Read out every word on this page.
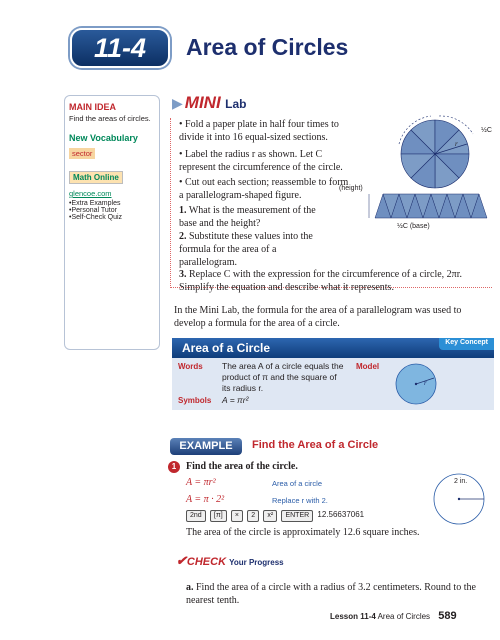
11-4	Area of Circles
MAIN IDEA
Find the areas of circles.
New Vocabulary
sector
Math Online
glencoe.com
• Extra Examples
• Personal Tutor
• Self-Check Quiz
▶ MINI Lab
• Fold a paper plate in half four times to divide it into 16 equal-sized sections.
• Label the radius r as shown. Let C represent the circumference of the circle.
• Cut out each section; reassemble to form a parallelogram-shaped figure.
1. What is the measurement of the base and the height?
2. Substitute these values into the formula for the area of a parallelogram.
3. Replace C with the expression for the circumference of a circle, 2πr. Simplify the equation and describe what it represents.
½C
r
(height)
½C (base)
In the Mini Lab, the formula for the area of a parallelogram was used to develop a formula for the area of a circle.
Area of a Circle	Key Concept
Words The area A of a circle equals the product of π and the square of its radius r.
Model
r
Symbols A = πr²
EXAMPLE	Find the Area of a Circle
1 Find the area of the circle.
A = πr²	Area of a circle
A = π · 2²	Replace r with 2.
2nd [π] × 2 x² ENTER 12.56637061
The area of the circle is approximately 12.6 square inches.
2 in.
✔CHECK Your Progress
a. Find the area of a circle with a radius of 3.2 centimeters. Round to the nearest tenth.
Lesson 11-4 Area of Circles 589
